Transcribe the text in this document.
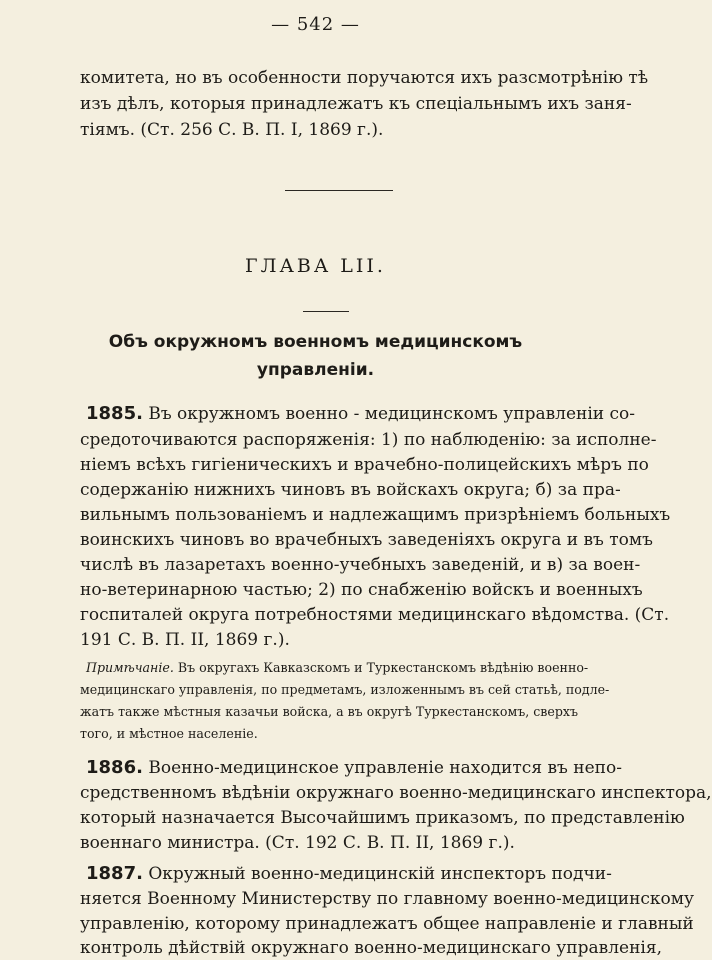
— 542 —
комитета, но въ особенности поручаются ихъ разсмотрѣнію тѣ
изъ дѣлъ, которыя принадлежатъ къ спеціальнымъ ихъ заня-
тіямъ. (Ст. 256 С. В. П. I, 1869 г.).
ГЛАВА LII.
Объ окружномъ военномъ медицинскомъ
управленіи.
1885. Въ окружномъ военно - медицинскомъ управленіи со-
средоточиваются распоряженія: 1) по наблюденію: за исполне-
ніемъ всѣхъ гигіеническихъ и врачебно-полицейскихъ мѣръ по
содержанію нижнихъ чиновъ въ войскахъ округа; б) за пра-
вильнымъ пользованіемъ и надлежащимъ призрѣніемъ больныхъ
воинскихъ чиновъ во врачебныхъ заведеніяхъ округа и въ томъ
числѣ въ лазаретахъ военно-учебныхъ заведеній, и в) за воен-
но-ветеринарною частью; 2) по снабженію войскъ и военныхъ
госпиталей округа потребностями медицинскаго вѣдомства. (Ст.
191 С. В. П. II, 1869 г.).
Примѣчаніе. Въ округахъ Кавказскомъ и Туркестанскомъ вѣдѣнію военно-
медицинскаго управленія, по предметамъ, изложеннымъ въ сей статьѣ, подле-
жатъ также мѣстныя казачьи войска, а въ округѣ Туркестанскомъ, сверхъ
того, и мѣстное населеніе.
1886. Военно-медицинское управленіе находится въ непо-
средственномъ вѣдѣніи окружнаго военно-медицинскаго инспектора,
который назначается Высочайшимъ приказомъ, по представленію
военнаго министра. (Ст. 192 С. В. П. II, 1869 г.).
1887. Окружный военно-медицинскій инспекторъ подчи-
няется Военному Министерству по главному военно-медицинскому
управленію, которому принадлежатъ общее направленіе и главный
контроль дѣйствій окружнаго военно-медицинскаго управленія,
